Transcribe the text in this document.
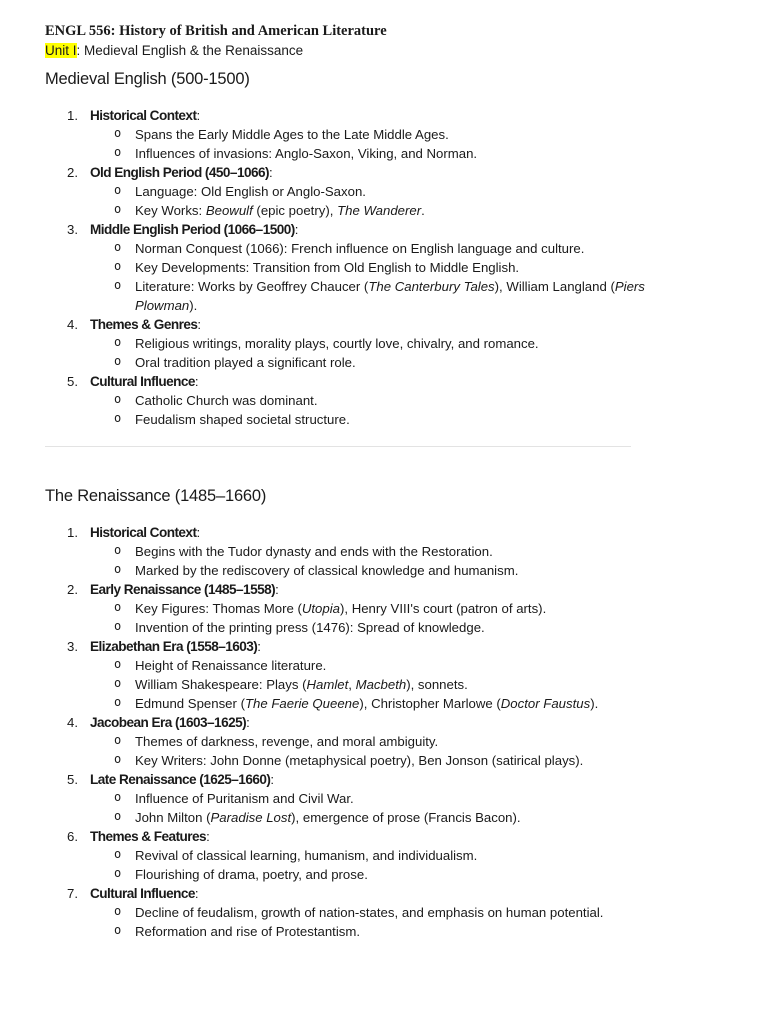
ENGL 556: History of British and American Literature

Unit I: Medieval English & the Renaissance

Medieval English (500-1500)
Historical Context:
o Spans the Early Middle Ages to the Late Middle Ages.
o Influences of invasions: Anglo-Saxon, Viking, and Norman.
Old English Period (450–1066):
o Language: Old English or Anglo-Saxon.
o Key Works: Beowulf (epic poetry), The Wanderer.
Middle English Period (1066–1500):
o Norman Conquest (1066): French influence on English language and culture.
o Key Developments: Transition from Old English to Middle English.
o Literature: Works by Geoffrey Chaucer (The Canterbury Tales), William Langland (Piers Plowman).
Themes & Genres:
o Religious writings, morality plays, courtly love, chivalry, and romance.
o Oral tradition played a significant role.
Cultural Influence:
o Catholic Church was dominant.
o Feudalism shaped societal structure.
The Renaissance (1485–1660)
Historical Context:
o Begins with the Tudor dynasty and ends with the Restoration.
o Marked by the rediscovery of classical knowledge and humanism.
Early Renaissance (1485–1558):
o Key Figures: Thomas More (Utopia), Henry VIII's court (patron of arts).
o Invention of the printing press (1476): Spread of knowledge.
Elizabethan Era (1558–1603):
o Height of Renaissance literature.
o William Shakespeare: Plays (Hamlet, Macbeth), sonnets.
o Edmund Spenser (The Faerie Queene), Christopher Marlowe (Doctor Faustus).
Jacobean Era (1603–1625):
o Themes of darkness, revenge, and moral ambiguity.
o Key Writers: John Donne (metaphysical poetry), Ben Jonson (satirical plays).
Late Renaissance (1625–1660):
o Influence of Puritanism and Civil War.
o John Milton (Paradise Lost), emergence of prose (Francis Bacon).
Themes & Features:
o Revival of classical learning, humanism, and individualism.
o Flourishing of drama, poetry, and prose.
Cultural Influence:
o Decline of feudalism, growth of nation-states, and emphasis on human potential.
o Reformation and rise of Protestantism.
